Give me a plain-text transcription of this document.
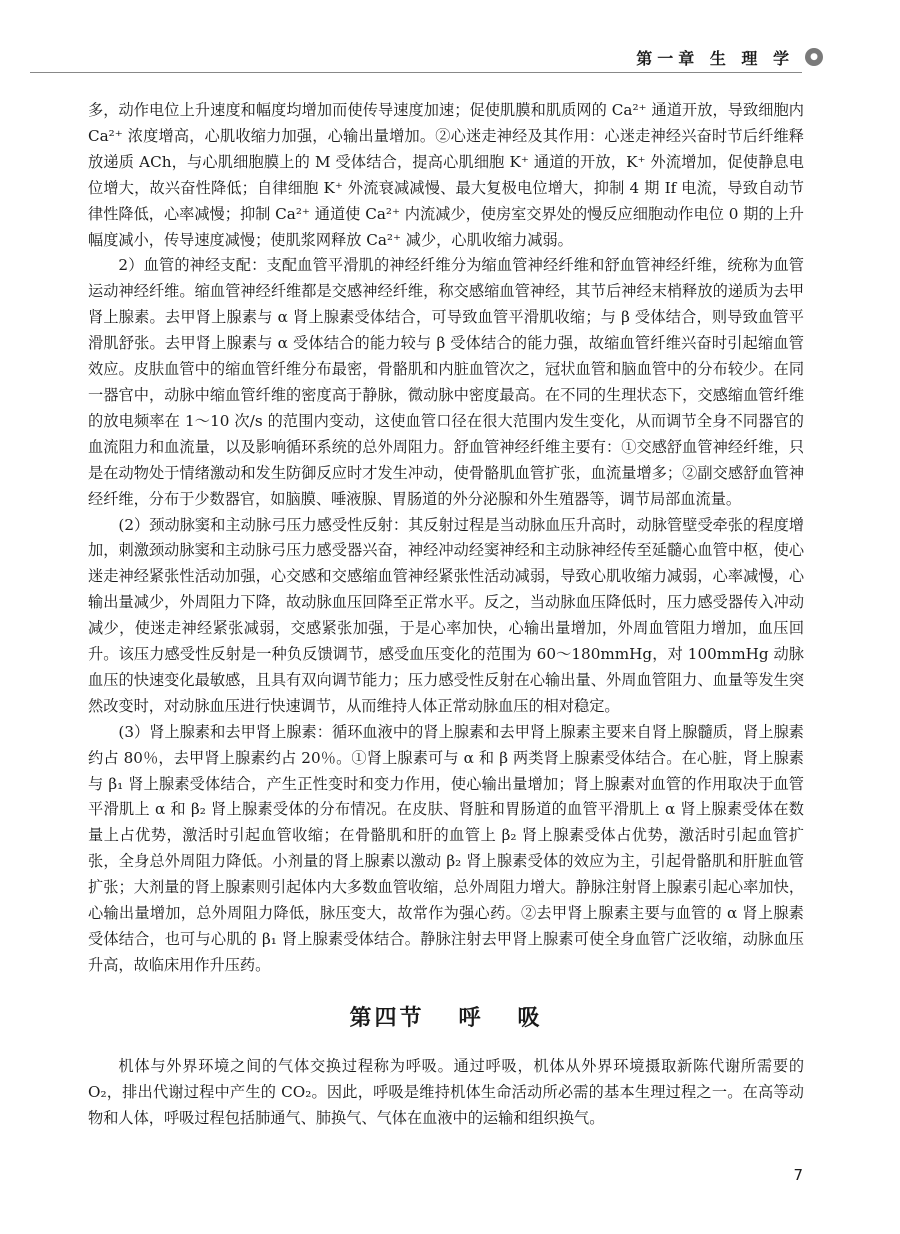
第一章 生 理 学	●

多，动作电位上升速度和幅度均增加而使传导速度加速；促使肌膜和肌质网的 Ca²⁺ 通道开放，导致细胞内 Ca²⁺ 浓度增高，心肌收缩力加强，心输出量增加。②心迷走神经及其作用：心迷走神经兴奋时节后纤维释放递质 ACh，与心肌细胞膜上的 M 受体结合，提高心肌细胞 K⁺ 通道的开放，K⁺ 外流增加，促使静息电位增大，故兴奋性降低；自律细胞 K⁺ 外流衰减减慢、最大复极电位增大，抑制 4 期 If 电流，导致自动节律性降低，心率减慢；抑制 Ca²⁺ 通道使 Ca²⁺ 内流减少，使房室交界处的慢反应细胞动作电位 0 期的上升幅度减小，传导速度减慢；使肌浆网释放 Ca²⁺ 减少，心肌收缩力减弱。

2）血管的神经支配：支配血管平滑肌的神经纤维分为缩血管神经纤维和舒血管神经纤维，统称为血管运动神经纤维。缩血管神经纤维都是交感神经纤维，称交感缩血管神经，其节后神经末梢释放的递质为去甲肾上腺素。去甲肾上腺素与 α 肾上腺素受体结合，可导致血管平滑肌收缩；与 β 受体结合，则导致血管平滑肌舒张。去甲肾上腺素与 α 受体结合的能力较与 β 受体结合的能力强，故缩血管纤维兴奋时引起缩血管效应。皮肤血管中的缩血管纤维分布最密，骨骼肌和内脏血管次之，冠状血管和脑血管中的分布较少。在同一器官中，动脉中缩血管纤维的密度高于静脉，微动脉中密度最高。在不同的生理状态下，交感缩血管纤维的放电频率在 1～10 次/s 的范围内变动，这使血管口径在很大范围内发生变化，从而调节全身不同器官的血流阻力和血流量，以及影响循环系统的总外周阻力。舒血管神经纤维主要有：①交感舒血管神经纤维，只是在动物处于情绪激动和发生防御反应时才发生冲动，使骨骼肌血管扩张，血流量增多；②副交感舒血管神经纤维，分布于少数器官，如脑膜、唾液腺、胃肠道的外分泌腺和外生殖器等，调节局部血流量。

(2）颈动脉窦和主动脉弓压力感受性反射：其反射过程是当动脉血压升高时，动脉管壁受牵张的程度增加，刺激颈动脉窦和主动脉弓压力感受器兴奋，神经冲动经窦神经和主动脉神经传至延髓心血管中枢，使心迷走神经紧张性活动加强，心交感和交感缩血管神经紧张性活动减弱，导致心肌收缩力减弱，心率减慢，心输出量减少，外周阻力下降，故动脉血压回降至正常水平。反之，当动脉血压降低时，压力感受器传入冲动减少，使迷走神经紧张减弱，交感紧张加强，于是心率加快，心输出量增加，外周血管阻力增加，血压回升。该压力感受性反射是一种负反馈调节，感受血压变化的范围为 60～180mmHg，对 100mmHg 动脉血压的快速变化最敏感，且具有双向调节能力；压力感受性反射在心输出量、外周血管阻力、血量等发生突然改变时，对动脉血压进行快速调节，从而维持人体正常动脉血压的相对稳定。

(3）肾上腺素和去甲肾上腺素：循环血液中的肾上腺素和去甲肾上腺素主要来自肾上腺髓质，肾上腺素约占 80％，去甲肾上腺素约占 20％。①肾上腺素可与 α 和 β 两类肾上腺素受体结合。在心脏，肾上腺素与 β₁ 肾上腺素受体结合，产生正性变时和变力作用，使心输出量增加；肾上腺素对血管的作用取决于血管平滑肌上 α 和 β₂ 肾上腺素受体的分布情况。在皮肤、肾脏和胃肠道的血管平滑肌上 α 肾上腺素受体在数量上占优势，激活时引起血管收缩；在骨骼肌和肝的血管上 β₂ 肾上腺素受体占优势，激活时引起血管扩张，全身总外周阻力降低。小剂量的肾上腺素以激动 β₂ 肾上腺素受体的效应为主，引起骨骼肌和肝脏血管扩张；大剂量的肾上腺素则引起体内大多数血管收缩，总外周阻力增大。静脉注射肾上腺素引起心率加快，心输出量增加，总外周阻力降低，脉压变大，故常作为强心药。②去甲肾上腺素主要与血管的 α 肾上腺素受体结合，也可与心肌的 β₁ 肾上腺素受体结合。静脉注射去甲肾上腺素可使全身血管广泛收缩，动脉血压升高，故临床用作升压药。

第四节 呼 吸

机体与外界环境之间的气体交换过程称为呼吸。通过呼吸，机体从外界环境摄取新陈代谢所需要的 O₂，排出代谢过程中产生的 CO₂。因此，呼吸是维持机体生命活动所必需的基本生理过程之一。在高等动物和人体，呼吸过程包括肺通气、肺换气、气体在血液中的运输和组织换气。

7
